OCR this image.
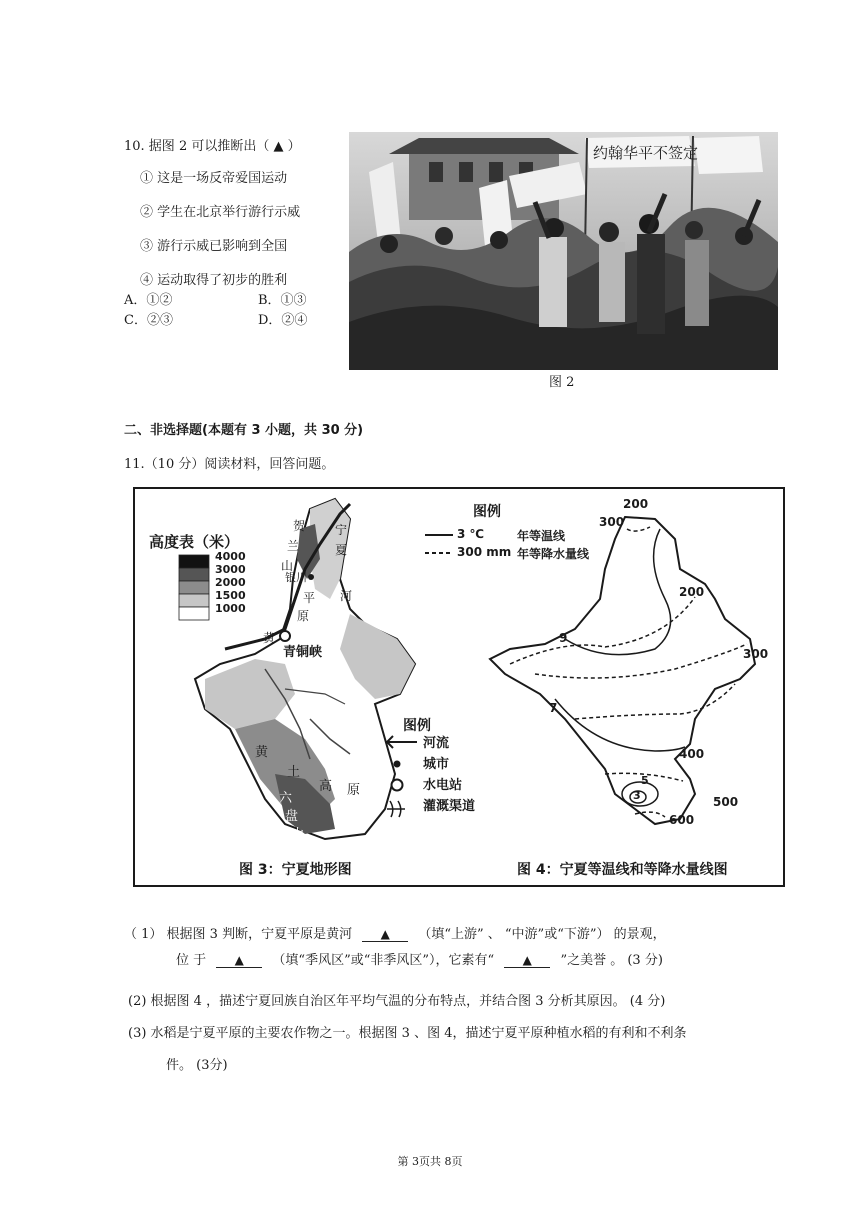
10. 据图 2 可以推断出（ ▲ ）
① 这是一场反帝爱国运动
② 学生在北京举行游行示威
③ 游行示威已影响到全国
④ 运动取得了初步的胜利
A．①②	B．①③
C．②③	D．②④
约翰华平不签定
图 2
二、非选择题(本题有 3 小题，共 30 分)
11.（10 分）阅读材料，回答问题。
高度表（米）
4000
3000
2000
1500
1000
贺
兰
山
宁
夏
银川
平
原
河
青铜峡
黄
黄
土
高 原
六
盘
山
图例
河流
城市
水电站
灌溉渠道
图 3：宁夏地形图
图例
3 ℃	年等温线
300 mm 年等降水量线
200
300
200
300
400
500
600
9
7
5
3
图 4：宁夏等温线和等降水量线图
（ 1） 根据图 3 判断，宁夏平原是黄河 ▲ （填“上游” 、 “中游”或“下游”） 的景观，
位 于 ▲ （填“季风区”或“非季风区”），它素有“ ▲ ”之美誉 。 (3 分)
(2) 根据图 4 ，描述宁夏回族自治区年平均气温的分布特点，并结合图 3 分析其原因。 (4 分)
(3) 水稻是宁夏平原的主要农作物之一。根据图 3 、图 4，描述宁夏平原种植水稻的有利和不利条
件。 (3分)
第 3页共 8页
